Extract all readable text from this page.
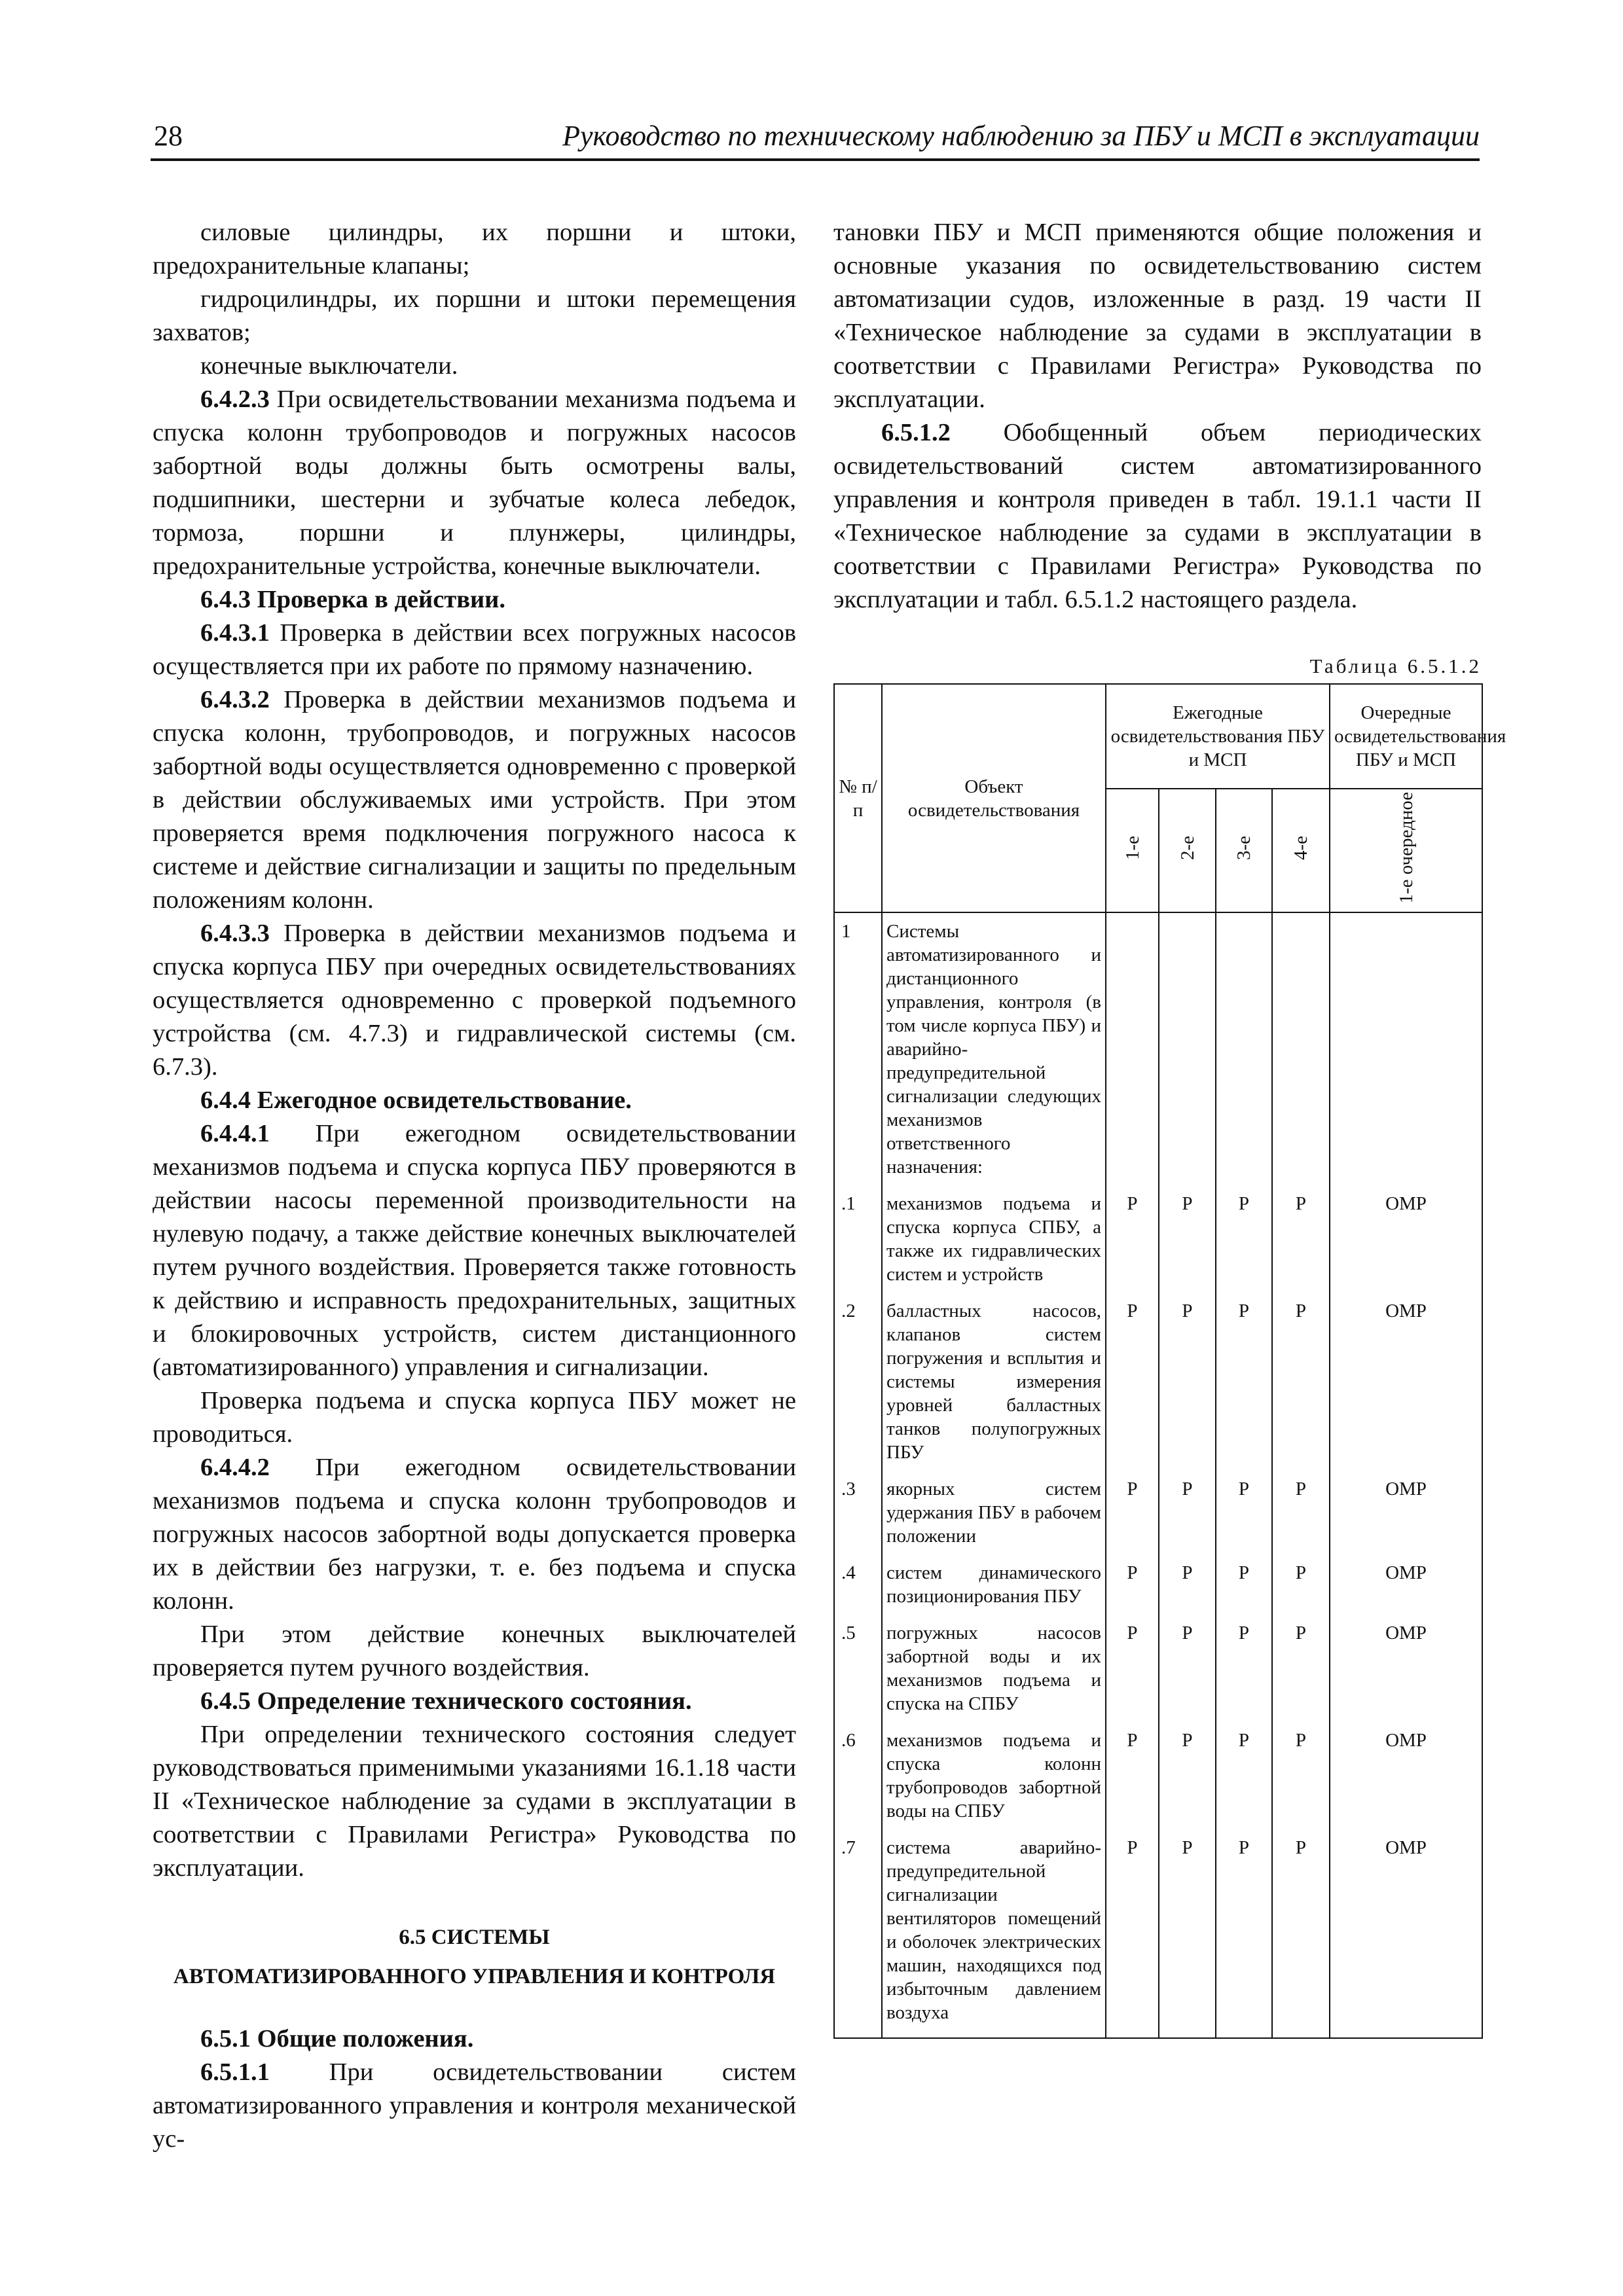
28	Руководство по техническому наблюдению за ПБУ и МСП в эксплуатации

силовые цилиндры, их поршни и штоки, предохранительные клапаны;

гидроцилиндры, их поршни и штоки перемещения захватов;

конечные выключатели.

6.4.2.3 При освидетельствовании механизма подъема и спуска колонн трубопроводов и погружных насосов забортной воды должны быть осмотрены валы, подшипники, шестерни и зубчатые колеса лебедок, тормоза, поршни и плунжеры, цилиндры, предохранительные устройства, конечные выключатели.

6.4.3 Проверка в действии.

6.4.3.1 Проверка в действии всех погружных насосов осуществляется при их работе по прямому назначению.

6.4.3.2 Проверка в действии механизмов подъема и спуска колонн, трубопроводов, и погружных насосов забортной воды осуществляется одновременно с проверкой в действии обслуживаемых ими устройств. При этом проверяется время подключения погружного насоса к системе и действие сигнализации и защиты по предельным положениям колонн.

6.4.3.3 Проверка в действии механизмов подъема и спуска корпуса ПБУ при очередных освидетельствованиях осуществляется одновременно с проверкой подъемного устройства (см. 4.7.3) и гидравлической системы (см. 6.7.3).

6.4.4 Ежегодное освидетельствование.

6.4.4.1 При ежегодном освидетельствовании механизмов подъема и спуска корпуса ПБУ проверяются в действии насосы переменной производительности на нулевую подачу, а также действие конечных выключателей путем ручного воздействия. Проверяется также готовность к действию и исправность предохранительных, защитных и блокировочных устройств, систем дистанционного (автоматизированного) управления и сигнализации.

Проверка подъема и спуска корпуса ПБУ может не проводиться.

6.4.4.2 При ежегодном освидетельствовании механизмов подъема и спуска колонн трубопроводов и погружных насосов забортной воды допускается проверка их в действии без нагрузки, т. е. без подъема и спуска колонн.

При этом действие конечных выключателей проверяется путем ручного воздействия.

6.4.5 Определение технического состояния.

При определении технического состояния следует руководствоваться применимыми указаниями 16.1.18 части II «Техническое наблюдение за судами в эксплуатации в соответствии с Правилами Регистра» Руководства по эксплуатации.

6.5 СИСТЕМЫ

АВТОМАТИЗИРОВАННОГО УПРАВЛЕНИЯ И КОНТРОЛЯ

6.5.1 Общие положения.

6.5.1.1 При освидетельствовании систем автоматизированного управления и контроля механической ус-

тановки ПБУ и МСП применяются общие положения и основные указания по освидетельствованию систем автоматизации судов, изложенные в разд. 19 части II «Техническое наблюдение за судами в эксплуатации в соответствии с Правилами Регистра» Руководства по эксплуатации.

6.5.1.2 Обобщенный объем периодических освидетельствований систем автоматизированного управления и контроля приведен в табл. 19.1.1 части II «Техническое наблюдение за судами в эксплуатации в соответствии с Правилами Регистра» Руководства по эксплуатации и табл. 6.5.1.2 настоящего раздела.

Таблица 6.5.1.2
№ п/п	Объект освидетельствования	Ежегодные освидетельствования ПБУ и МСП				Очередные освидетельствования ПБУ и МСП
		1-е	2-е	3-е	4-е	1-е очередное
1	Системы автоматизированного и дистанционного управления, контроля (в том числе корпуса ПБУ) и аварийно-предупредительной сигнализации следующих механизмов ответственного назначения:					
.1	механизмов подъема и спуска корпуса СПБУ, а также их гидравлических систем и устройств	Р	Р	Р	Р	ОМР
.2	балластных насосов, клапанов систем погружения и всплытия и системы измерения уровней балластных танков полупогружных ПБУ	Р	Р	Р	Р	ОМР
.3	якорных систем удержания ПБУ в рабочем положении	Р	Р	Р	Р	ОМР
.4	систем динамического позиционирования ПБУ	Р	Р	Р	Р	ОМР
.5	погружных насосов забортной воды и их механизмов подъема и спуска на СПБУ	Р	Р	Р	Р	ОМР
.6	механизмов подъема и спуска колонн трубопроводов забортной воды на СПБУ	Р	Р	Р	Р	ОМР
.7	система аварийно-предупредительной сигнализации вентиляторов помещений и оболочек электрических машин, находящихся под избыточным давлением воздуха	Р	Р	Р	Р	ОМР
